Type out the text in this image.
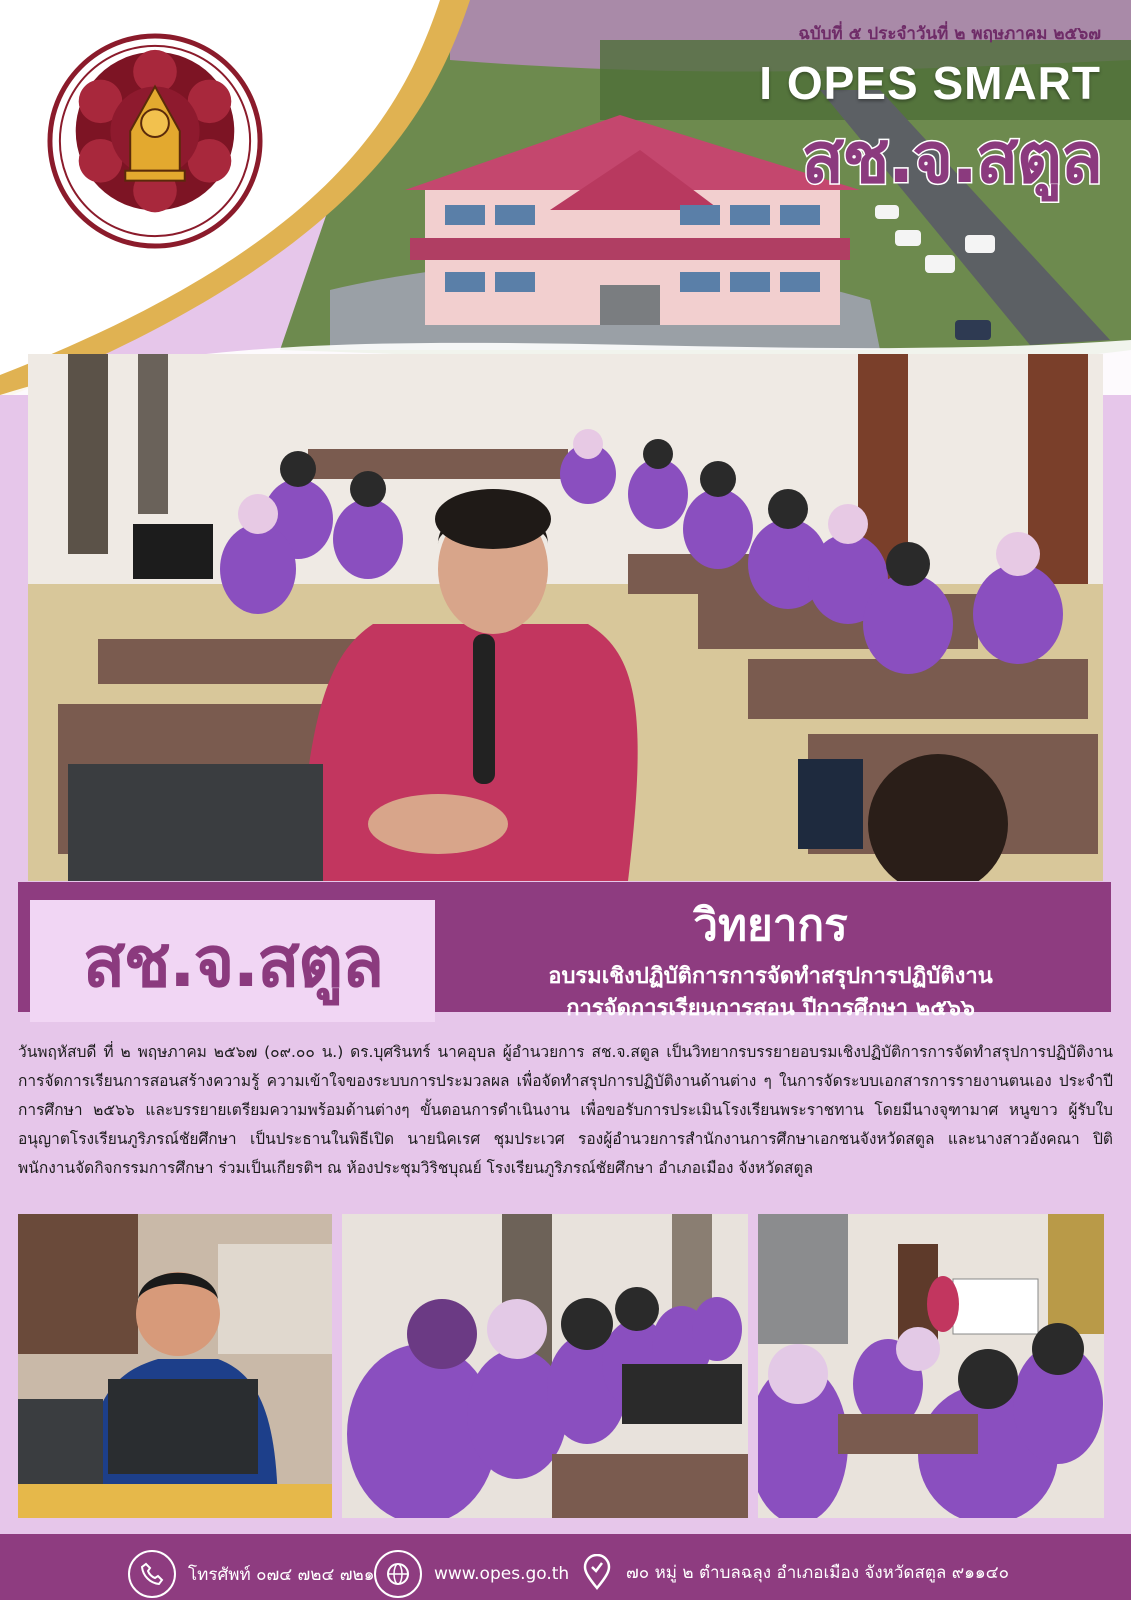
ฉบับที่ ๕ ประจำวันที่ ๒ พฤษภาคม ๒๕๖๗
I OPES SMART
สช.จ.สตูล
สช.จ.สตูล	วิทยากร
อบรมเชิงปฏิบัติการการจัดทำสรุปการปฏิบัติงาน
การจัดการเรียนการสอน ปีการศึกษา ๒๕๖๖
วันพฤหัสบดี ที่ ๒ พฤษภาคม ๒๕๖๗ (๐๙.๐๐ น.) ดร.บุศรินทร์ นาคอุบล ผู้อำนวยการ สช.จ.สตูล เป็นวิทยากรบรรยายอบรมเชิงปฏิบัติการการจัดทำสรุปการปฏิบัติงาน การจัดการเรียนการสอนสร้างความรู้ ความเข้าใจของระบบการประมวลผล เพื่อจัดทำสรุปการปฏิบัติงานด้านต่าง ๆ ในการจัดระบบเอกสารการรายงานตนเอง ประจำปีการศึกษา ๒๕๖๖ และบรรยายเตรียมความพร้อมด้านต่างๆ ขั้นตอนการดำเนินงาน เพื่อขอรับการประเมินโรงเรียนพระราชทาน โดยมีนางจุฑามาศ หนูขาว ผู้รับใบอนุญาตโรงเรียนภูริภรณ์ชัยศึกษา เป็นประธานในพิธีเปิด นายนิคเรศ ชุมประเวศ รองผู้อำนวยการสำนักงานการศึกษาเอกชนจังหวัดสตูล และนางสาวอังคณา ปิติ พนักงานจัดกิจกรรมการศึกษา ร่วมเป็นเกียรติฯ ณ ห้องประชุมวิริชบุณย์ โรงเรียนภูริภรณ์ชัยศึกษา อำเภอเมือง จังหวัดสตูล
โทรศัพท์ ๐๗๔ ๗๒๔ ๗๒๑	www.opes.go.th	๗๐ หมู่ ๒ ตำบลฉลุง อำเภอเมือง จังหวัดสตูล ๙๑๑๔๐
